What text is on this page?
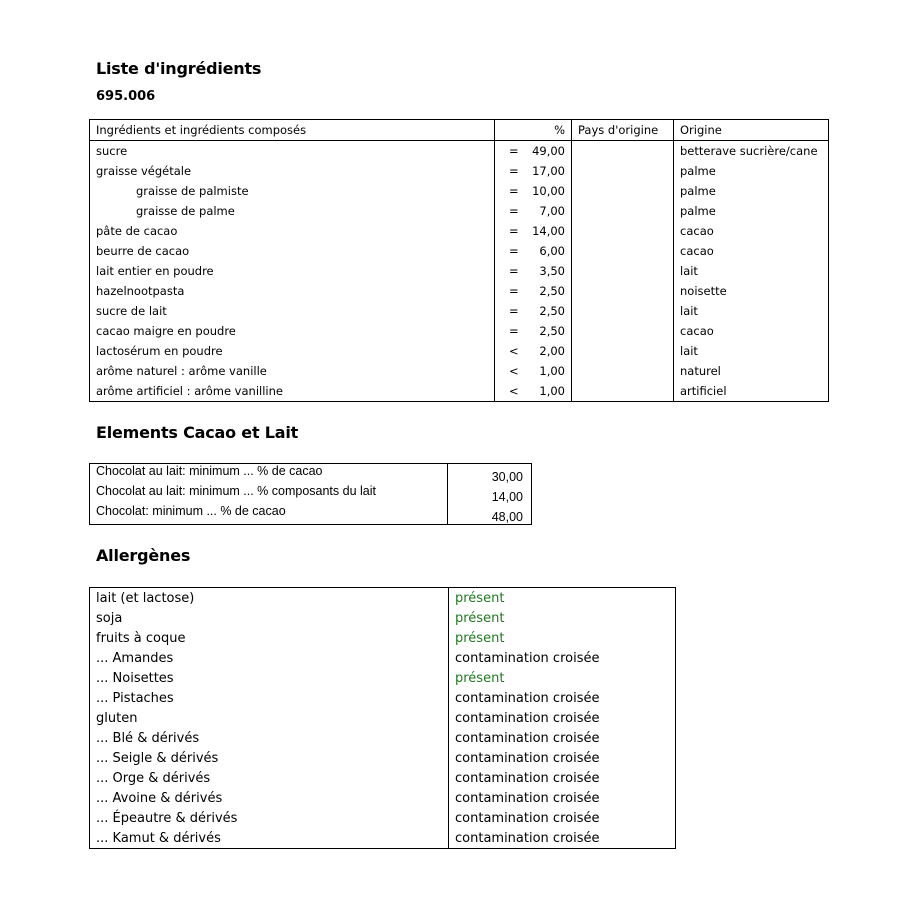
Liste d'ingrédients
695.006
Ingrédients et ingrédients composés	%	Pays d'origine	Origine
sucre	= 49,00		betterave sucrière/cane
graisse végétale	= 17,00		palme
graisse de palmiste	= 10,00		palme
graisse de palme	= 7,00		palme
pâte de cacao	= 14,00		cacao
beurre de cacao	= 6,00		cacao
lait entier en poudre	= 3,50		lait
hazelnootpasta	= 2,50		noisette
sucre de lait	= 2,50		lait
cacao maigre en poudre	= 2,50		cacao
lactosérum en poudre	< 2,00		lait
arôme naturel : arôme vanille	< 1,00		naturel
arôme artificiel : arôme vanilline	< 1,00		artificiel
Elements Cacao et Lait
Chocolat au lait: minimum ... % de cacao	30,00
Chocolat au lait: minimum ... % composants du lait	14,00
Chocolat: minimum ... % de cacao	48,00
Allergènes
lait (et lactose)	présent
soja	présent
fruits à coque	présent
... Amandes	contamination croisée
... Noisettes	présent
... Pistaches	contamination croisée
gluten	contamination croisée
... Blé & dérivés	contamination croisée
... Seigle & dérivés	contamination croisée
... Orge & dérivés	contamination croisée
... Avoine & dérivés	contamination croisée
... Épeautre & dérivés	contamination croisée
... Kamut & dérivés	contamination croisée
